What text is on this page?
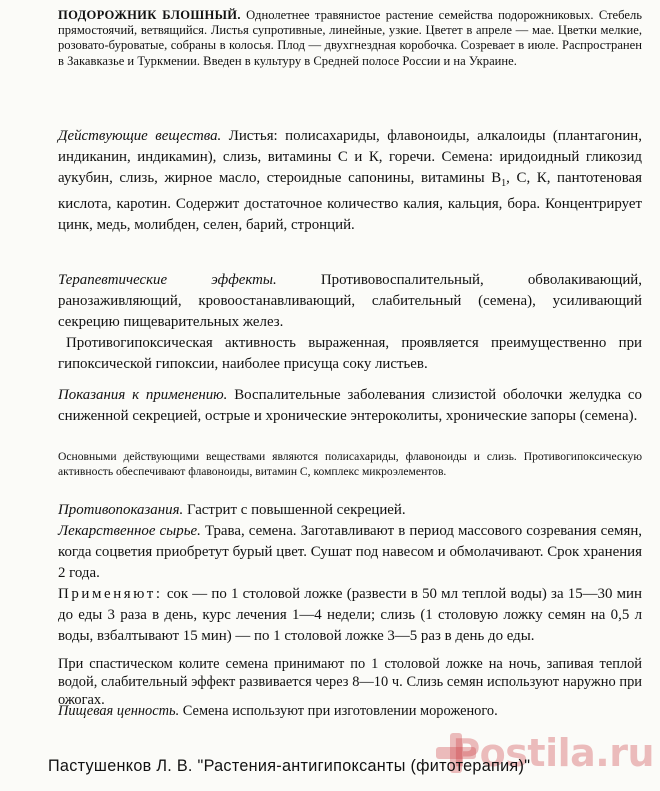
ПОДОРОЖНИК БЛОШНЫЙ. Однолетнее травянистое растение семейства подорожниковых. Стебель прямостоячий, ветвящийся. Листья супротивные, линейные, узкие. Цветет в апреле — мае. Цветки мелкие, розовато-буроватые, собраны в колосья. Плод — двухгнездная коробочка. Созревает в июле. Распространен в Закавказье и Туркмении. Введен в культуру в Средней полосе России и на Украине.

Действующие вещества. Листья: полисахариды, флавоноиды, алкалоиды (плантагонин, индиканин, индикамин), слизь, витамины С и К, горечи. Семена: иридоидный гликозид аукубин, слизь, жирное масло, стероидные сапонины, витамины $B_1$, С, К, пантотеновая кислота, каротин. Содержит достаточное количество калия, кальция, бора. Концентрирует цинк, медь, молибден, селен, барий, стронций.

Терапевтические эффекты.	Противовоспалительный, обволакивающий, ранозаживляющий, кровоостанавливающий, слабительный (семена), усиливающий секрецию пищеварительных желез.

Противогипоксическая активность выраженная, проявляется преимущественно при гипоксической гипоксии, наиболее присуща соку листьев.

Показания к применению. Воспалительные заболевания слизистой оболочки желудка со сниженной секрецией, острые и хронические энтероколиты, хронические запоры (семена).

Основными действующими веществами являются полисахариды, флавоноиды и слизь. Противогипоксическую активность обеспечивают флавоноиды, витамин С, комплекс микроэлементов.

Противопоказания. Гастрит с повышенной секрецией.

Лекарственное сырье. Трава, семена. Заготавливают в период массового созревания семян, когда соцветия приобретут бурый цвет. Сушат под навесом и обмолачивают. Срок хранения 2 года.

Применяют: сок — по 1 столовой ложке (развести в 50 мл теплой воды) за 15—30 мин до еды 3 раза в день, курс лечения 1—4 недели; слизь (1 столовую ложку семян на 0,5 л воды, взбалтывают 15 мин) — по 1 столовой ложке 3—5 раз в день до еды.

При спастическом колите семена принимают по 1 столовой ложке на ночь, запивая теплой водой, слабительный эффект развивается через 8—10 ч. Слизь семян используют наружно при ожогах.

Пищевая ценность. Семена используют при изготовлении мороженого.

Postila.ru
Пастушенков Л. В. "Растения-антигипоксанты (фитотерапия)"
